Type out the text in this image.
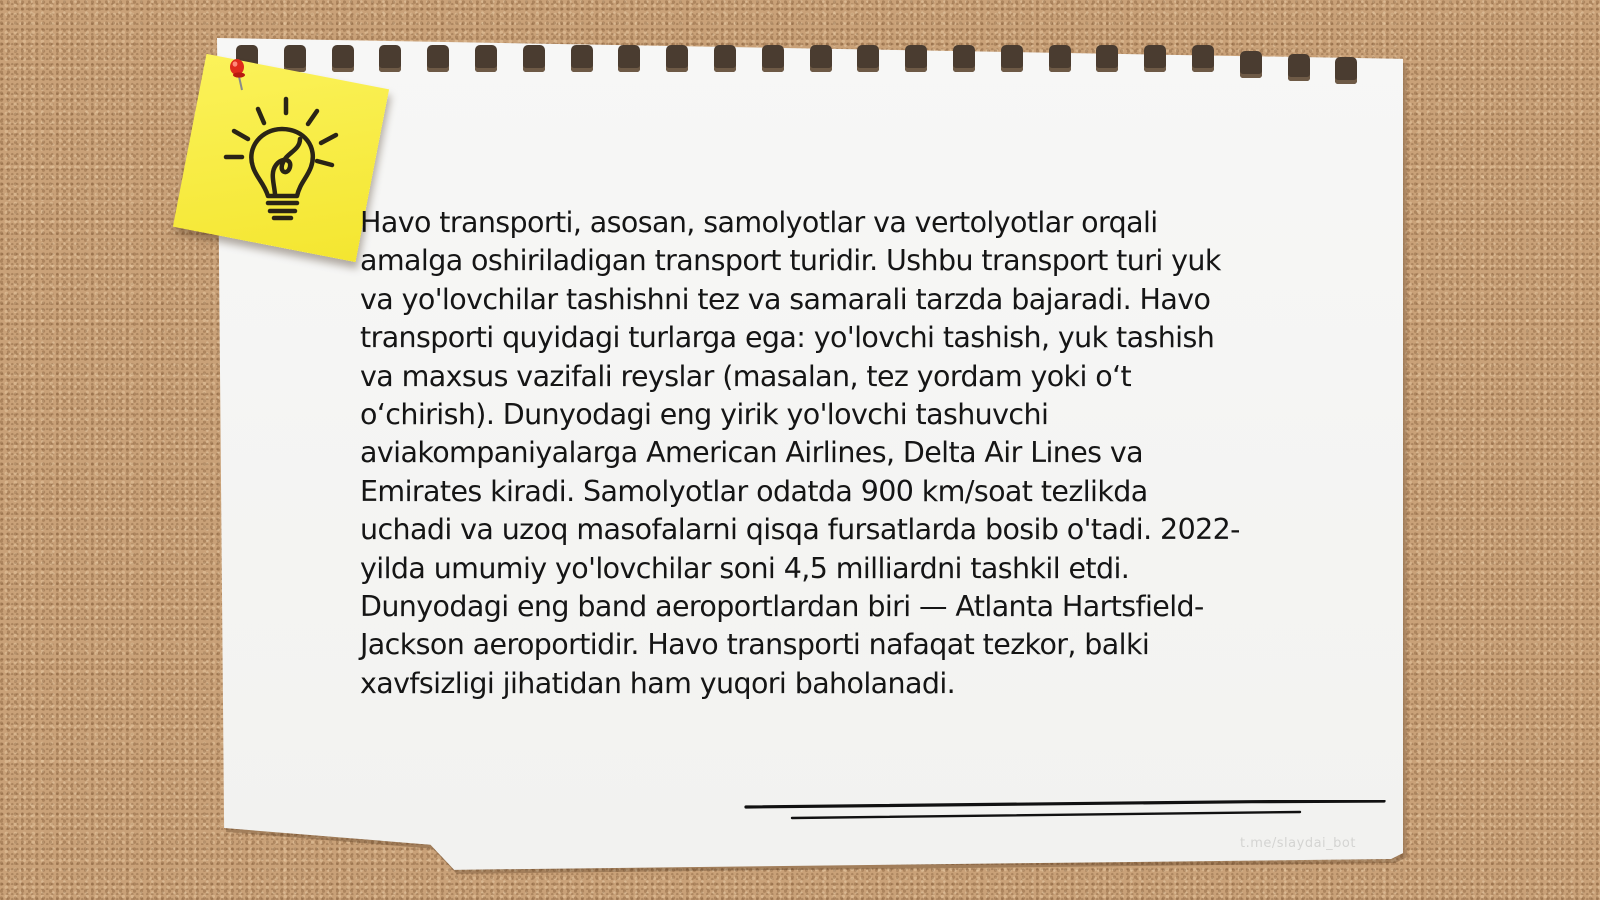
Havo transporti, asosan, samolyotlar va vertolyotlar orqali amalga oshiriladigan transport turidir. Ushbu transport turi yuk va yo'lovchilar tashishni tez va samarali tarzda bajaradi. Havo transporti quyidagi turlarga ega: yo'lovchi tashish, yuk tashish va maxsus vazifali reyslar (masalan, tez yordam yoki o‘t o‘chirish). Dunyodagi eng yirik yo'lovchi tashuvchi aviakompaniyalarga American Airlines, Delta Air Lines va Emirates kiradi. Samolyotlar odatda 900 km/soat tezlikda uchadi va uzoq masofalarni qisqa fursatlarda bosib o'tadi. 2022-yilda umumiy yo'lovchilar soni 4,5 milliardni tashkil etdi. Dunyodagi eng band aeroportlardan biri — Atlanta Hartsfield-Jackson aeroportidir. Havo transporti nafaqat tezkor, balki xavfsizligi jihatidan ham yuqori baholanadi.

t.me/slaydai_bot
